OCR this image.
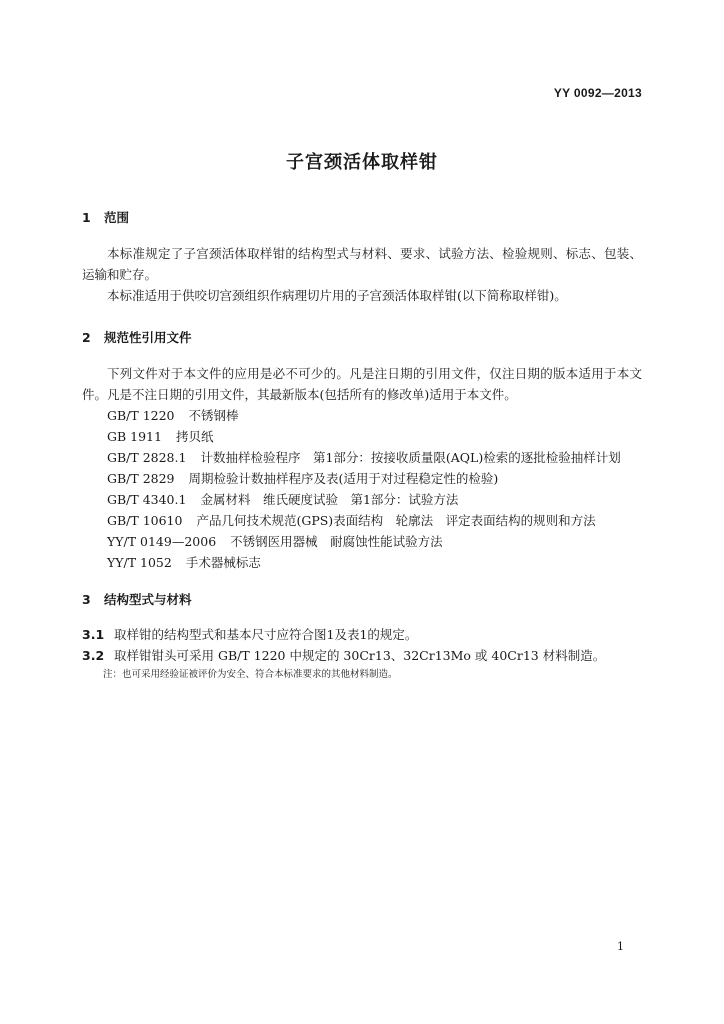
YY 0092—2013
子宫颈活体取样钳
1 范围
本标准规定了子宫颈活体取样钳的结构型式与材料、要求、试验方法、检验规则、标志、包装、运输和贮存。
本标准适用于供咬切宫颈组织作病理切片用的子宫颈活体取样钳(以下简称取样钳)。
2 规范性引用文件
下列文件对于本文件的应用是必不可少的。凡是注日期的引用文件，仅注日期的版本适用于本文件。凡是不注日期的引用文件，其最新版本(包括所有的修改单)适用于本文件。
GB/T 1220 不锈钢棒
GB 1911 拷贝纸
GB/T 2828.1 计数抽样检验程序　第1部分：按接收质量限(AQL)检索的逐批检验抽样计划
GB/T 2829 周期检验计数抽样程序及表(适用于对过程稳定性的检验)
GB/T 4340.1 金属材料　维氏硬度试验　第1部分：试验方法
GB/T 10610 产品几何技术规范(GPS)表面结构　轮廓法　评定表面结构的规则和方法
YY/T 0149—2006 不锈钢医用器械　耐腐蚀性能试验方法
YY/T 1052 手术器械标志
3 结构型式与材料
3.1 取样钳的结构型式和基本尺寸应符合图1及表1的规定。
3.2 取样钳钳头可采用 GB/T 1220 中规定的 30Cr13、32Cr13Mo 或 40Cr13 材料制造。
注：也可采用经验证被评价为安全、符合本标准要求的其他材料制造。
1
